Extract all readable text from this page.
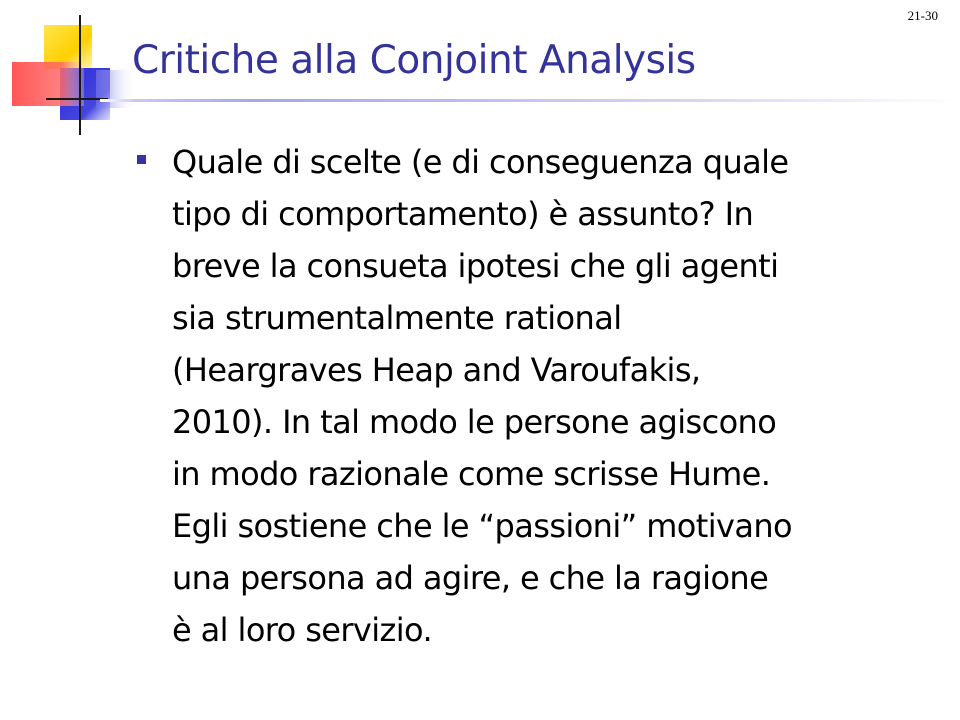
21-30
Critiche alla Conjoint Analysis

Quale di scelte (e di conseguenza quale
tipo di comportamento) è assunto? In
breve la consueta ipotesi che gli agenti
sia strumentalmente rational
(Heargraves Heap and Varoufakis,
2010). In tal modo le persone agiscono
in modo razionale come scrisse Hume.
Egli sostiene che le “passioni” motivano
una persona ad agire, e che la ragione
è al loro servizio.
